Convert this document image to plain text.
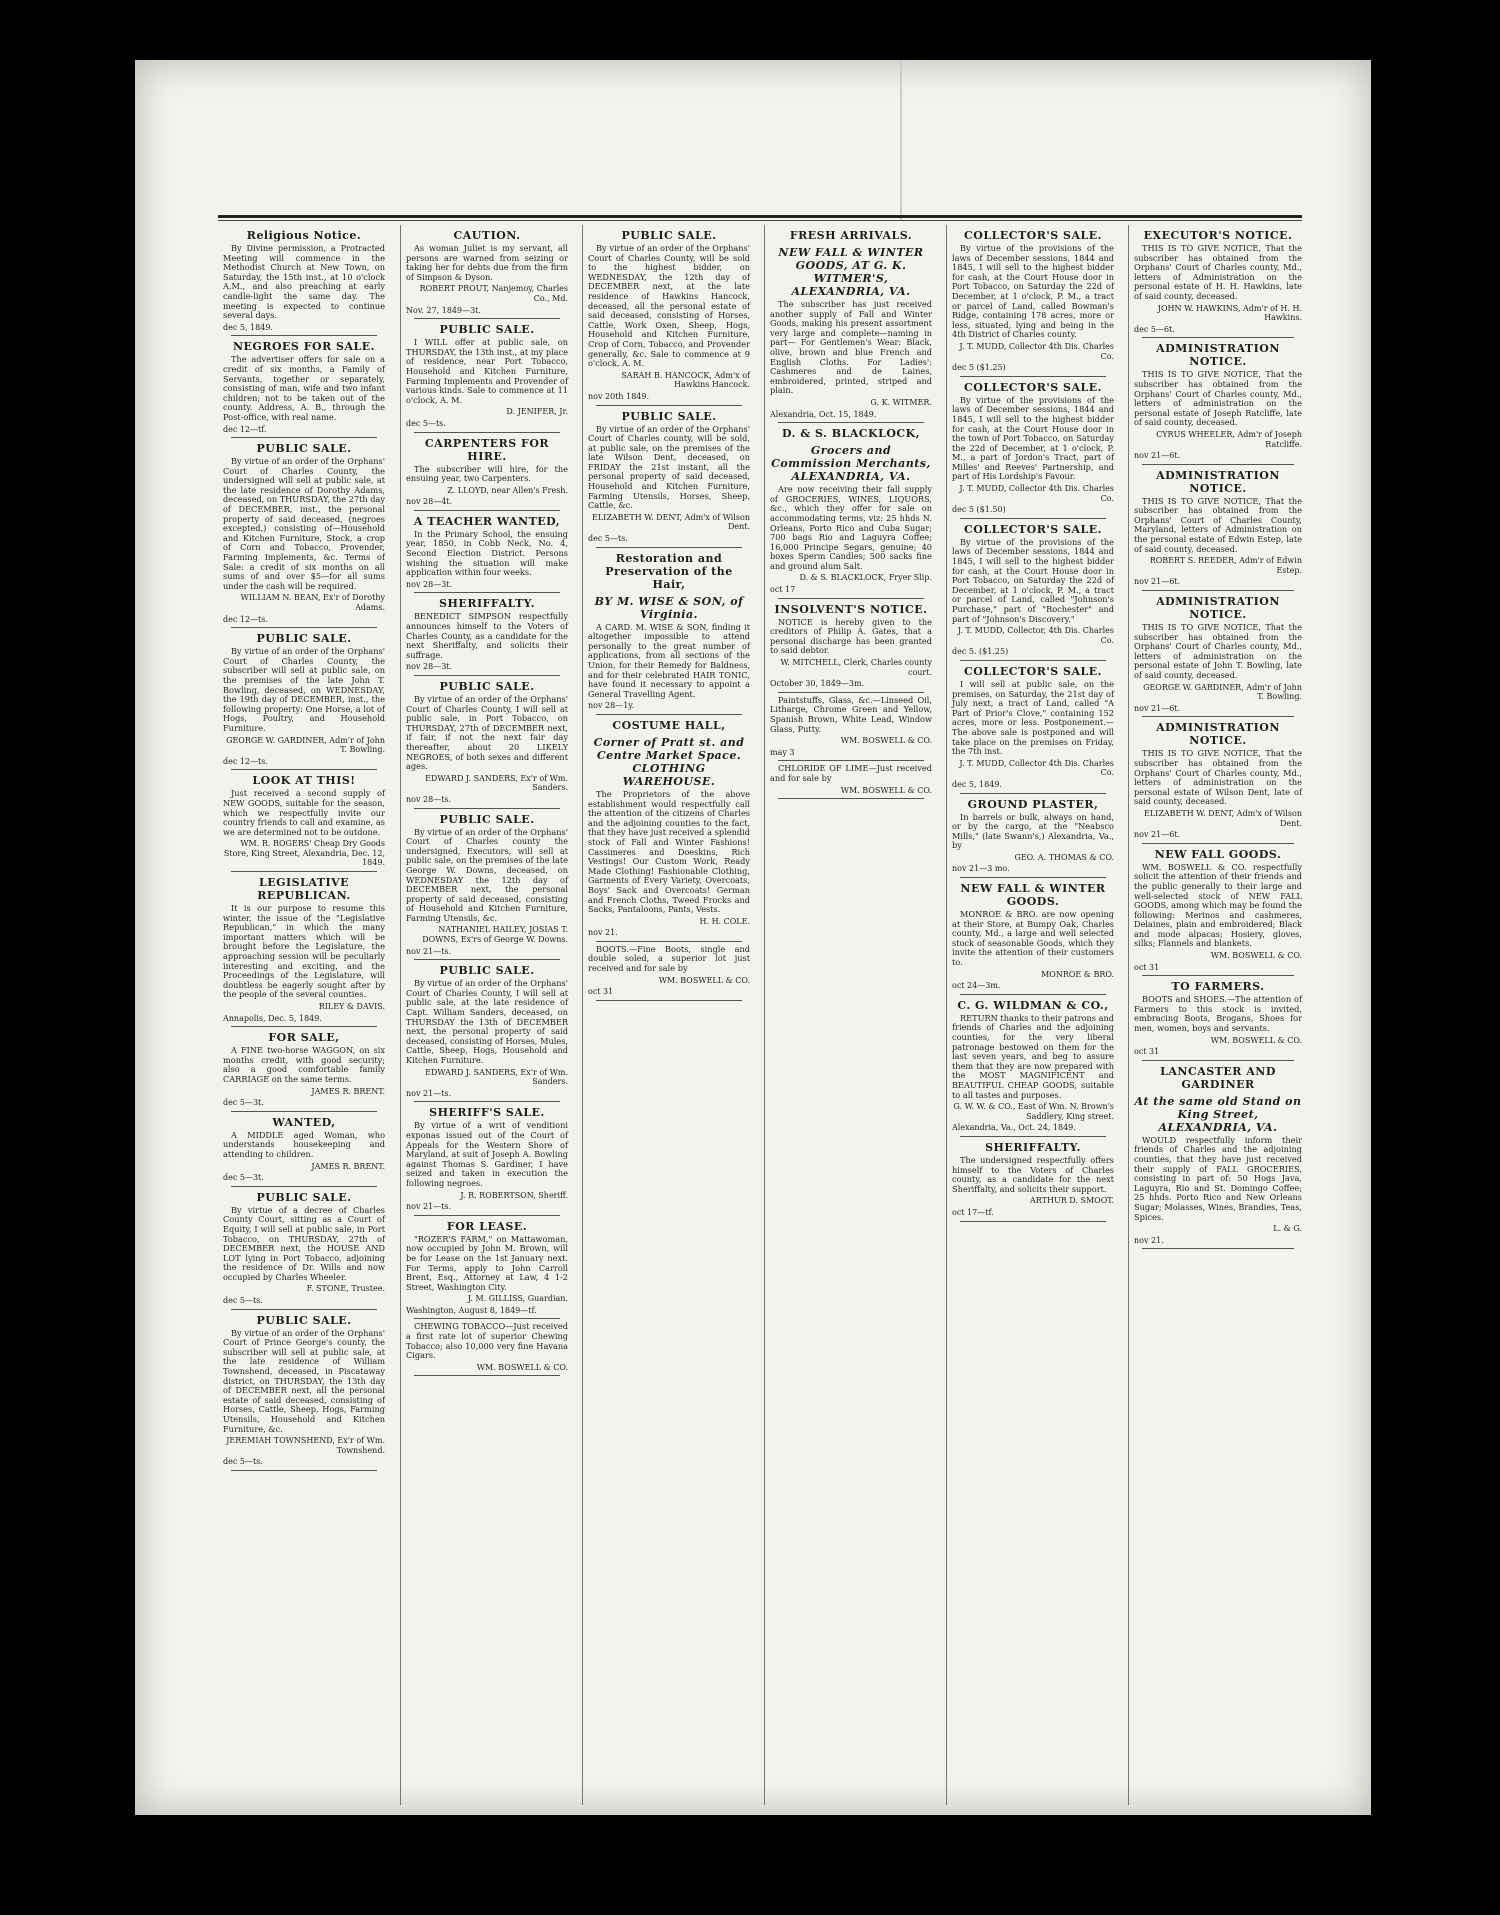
Religious Notice.
By Divine permission, a Protracted Meeting will commence in the Methodist Church at New Town, on Saturday, the 15th inst., at 10 o'clock A.M., and also preaching at early candle-light the same day. The meeting is expected to continue several days.
dec 5, 1849.
NEGROES FOR SALE.
The advertiser offers for sale on a credit of six months, a Family of Servants, together or separately, consisting of man, wife and two infant children; not to be taken out of the county. Address, A. B., through the Post-office, with real name.
dec 12—tf.
PUBLIC SALE.
By virtue of an order of the Orphans' Court of Charles County, the undersigned will sell at public sale, at the late residence of Dorothy Adams, deceased, on THURSDAY, the 27th day of DECEMBER, inst., the personal property of said deceased, (negroes excepted,) consisting of—Household and Kitchen Furniture, Stock, a crop of Corn and Tobacco, Provender, Farming Implements, &c. Terms of Sale: a credit of six months on all sums of and over $5—for all sums under the cash will be required.
WILLIAM N. BEAN, Ex'r of Dorothy Adams.
dec 12—ts.
PUBLIC SALE.
By virtue of an order of the Orphans' Court of Charles County, the subscriber will sell at public sale, on the premises of the late John T. Bowling, deceased, on WEDNESDAY, the 19th day of DECEMBER, inst., the following property: One Horse, a lot of Hogs, Poultry, and Household Furniture.
GEORGE W. GARDINER, Adm'r of John T. Bowling.
dec 12—ts.
LOOK AT THIS!
Just received a second supply of NEW GOODS, suitable for the season, which we respectfully invite our country friends to call and examine, as we are determined not to be outdone.
WM. R. ROGERS' Cheap Dry Goods Store, King Street, Alexandria, Dec. 12, 1849.
LEGISLATIVE REPUBLICAN.
It is our purpose to resume this winter, the issue of the "Legislative Republican," in which the many important matters which will be brought before the Legislature, the approaching session will be peculiarly interesting and exciting, and the Proceedings of the Legislature, will doubtless be eagerly sought after by the people of the several counties.
RILEY & DAVIS.
Annapolis, Dec. 5, 1849.
FOR SALE,
A FINE two-horse WAGGON, on six months credit, with good security; also a good comfortable family CARRIAGE on the same terms.
JAMES R. BRENT.
dec 5—3t.
WANTED,
A MIDDLE aged Woman, who understands housekeeping and attending to children.
JAMES R. BRENT.
dec 5—3t.
PUBLIC SALE.
By virtue of a decree of Charles County Court, sitting as a Court of Equity, I will sell at public sale, in Port Tobacco, on THURSDAY, 27th of DECEMBER next, the HOUSE AND LOT lying in Port Tobacco, adjoining the residence of Dr. Wills and now occupied by Charles Wheeler.
F. STONE, Trustee.
dec 5—ts.
PUBLIC SALE.
By virtue of an order of the Orphans' Court of Prince George's county, the subscriber will sell at public sale, at the late residence of William Townshend, deceased, in Piscataway district, on THURSDAY, the 13th day of DECEMBER next, all the personal estate of said deceased, consisting of Horses, Cattle, Sheep, Hogs, Farming Utensils, Household and Kitchen Furniture, &c.
JEREMIAH TOWNSHEND, Ex'r of Wm. Townshend.
dec 5—ts.
CAUTION.
As woman Juliet is my servant, all persons are warned from seizing or taking her for debts due from the firm of Simpson & Dyson.
ROBERT PROUT, Nanjemoy, Charles Co., Md.
Nov. 27, 1849—3t.
PUBLIC SALE.
I WILL offer at public sale, on THURSDAY, the 13th inst., at my place of residence, near Port Tobacco, Household and Kitchen Furniture, Farming Implements and Provender of various kinds. Sale to commence at 11 o'clock, A. M.
D. JENIFER, Jr.
dec 5—ts.
CARPENTERS FOR HIRE.
The subscriber will hire, for the ensuing year, two Carpenters.
Z. LLOYD, near Allen's Fresh.
nov 28—4t.
A TEACHER WANTED,
In the Primary School, the ensuing year, 1850, in Cobb Neck, No. 4, Second Election District. Persons wishing the situation will make application within four weeks.
nov 28—3t.
SHERIFFALTY.
BENEDICT SIMPSON respectfully announces himself to the Voters of Charles County, as a candidate for the next Sheriffalty, and solicits their suffrage.
nov 28—3t.
PUBLIC SALE.
By virtue of an order of the Orphans' Court of Charles County, I will sell at public sale, in Port Tobacco, on THURSDAY, 27th of DECEMBER next, if fair, if not the next fair day thereafter, about 20 LIKELY NEGROES, of both sexes and different ages.
EDWARD J. SANDERS, Ex'r of Wm. Sanders.
nov 28—ts.
PUBLIC SALE.
By virtue of an order of the Orphans' Court of Charles county the undersigned, Executors, will sell at public sale, on the premises of the late George W. Downs, deceased, on WEDNESDAY the 12th day of DECEMBER next, the personal property of said deceased, consisting of Household and Kitchen Furniture, Farming Utensils, &c.
NATHANIEL HAILEY, JOSIAS T. DOWNS, Ex'rs of George W. Downs.
nov 21—ts.
PUBLIC SALE.
By virtue of an order of the Orphans' Court of Charles County, I will sell at public sale, at the late residence of Capt. William Sanders, deceased, on THURSDAY the 13th of DECEMBER next, the personal property of said deceased, consisting of Horses, Mules, Cattle, Sheep, Hogs, Household and Kitchen Furniture.
EDWARD J. SANDERS, Ex'r of Wm. Sanders.
nov 21—ts.
SHERIFF'S SALE.
By virtue of a writ of venditioni exponas issued out of the Court of Appeals for the Western Shore of Maryland, at suit of Joseph A. Bowling against Thomas S. Gardiner, I have seized and taken in execution the following negroes.
J. R. ROBERTSON, Sheriff.
nov 21—ts.
FOR LEASE.
"ROZER'S FARM," on Mattawoman, now occupied by John M. Brown, will be for Lease on the 1st January next. For Terms, apply to John Carroll Brent, Esq., Attorney at Law, 4 1-2 Street, Washington City.
J. M. GILLISS, Guardian.
Washington, August 8, 1849—tf.
CHEWING TOBACCO—Just received a first rate lot of superior Chewing Tobacco; also 10,000 very fine Havana Cigars.
WM. BOSWELL & CO.
PUBLIC SALE.
By virtue of an order of the Orphans' Court of Charles County, will be sold to the highest bidder, on WEDNESDAY, the 12th day of DECEMBER next, at the late residence of Hawkins Hancock, deceased, all the personal estate of said deceased, consisting of Horses, Cattle, Work Oxen, Sheep, Hogs, Household and Kitchen Furniture, Crop of Corn, Tobacco, and Provender generally, &c. Sale to commence at 9 o'clock, A. M.
SARAH B. HANCOCK, Adm'x of Hawkins Hancock.
nov 20th 1849.
PUBLIC SALE.
By virtue of an order of the Orphans' Court of Charles county, will be sold, at public sale, on the premises of the late Wilson Dent, deceased, on FRIDAY the 21st instant, all the personal property of said deceased, Household and Kitchen Furniture, Farming Utensils, Horses, Sheep, Cattle, &c.
ELIZABETH W. DENT, Adm'x of Wilson Dent.
dec 5—ts.
Restoration and Preservation of the Hair,
BY M. WISE & SON, of Virginia.
A CARD. M. WISE & SON, finding it altogether impossible to attend personally to the great number of applications, from all sections of the Union, for their Remedy for Baldness, and for their celebrated HAIR TONIC, have found it necessary to appoint a General Travelling Agent.
nov 28—1y.
COSTUME HALL,
Corner of Pratt st. and Centre Market Space. CLOTHING WAREHOUSE.
The Proprietors of the above establishment would respectfully call the attention of the citizens of Charles and the adjoining counties to the fact, that they have just received a splendid stock of Fall and Winter Fashions! Cassimeres and Doeskins, Rich Vestings! Our Custom Work, Ready Made Clothing! Fashionable Clothing, Garments of Every Variety, Overcoats, Boys' Sack and Overcoats! German and French Cloths, Tweed Frocks and Sacks, Pantaloons, Pants, Vests.
H. H. COLE.
nov 21.
BOOTS.—Fine Boots, single and double soled, a superior lot just received and for sale by
WM. BOSWELL & CO.
oct 31
FRESH ARRIVALS.
NEW FALL & WINTER GOODS, AT G. K. WITMER'S, ALEXANDRIA, VA.
The subscriber has just received another supply of Fall and Winter Goods, making his present assortment very large and complete—naming in part— For Gentlemen's Wear: Black, olive, brown and blue French and English Cloths. For Ladies': Cashmeres and de Laines, embroidered, printed, striped and plain.
G. K. WITMER.
Alexandria, Oct. 15, 1849.
D. & S. BLACKLOCK,
Grocers and Commission Merchants, ALEXANDRIA, VA.
Are now receiving their fall supply of GROCERIES, WINES, LIQUORS, &c., which they offer for sale on accommodating terms, viz: 25 hhds N. Orleans, Porto Rico and Cuba Sugar; 700 bags Rio and Laguyra Coffee; 16,000 Principe Segars, genuine; 40 boxes Sperm Candles; 500 sacks fine and ground alum Salt.
D. & S. BLACKLOCK, Fryer Slip.
oct 17
INSOLVENT'S NOTICE.
NOTICE is hereby given to the creditors of Philip A. Gates, that a personal discharge has been granted to said debtor.
W. MITCHELL, Clerk, Charles county court.
October 30, 1849—3m.
Paintstuffs, Glass, &c.—Linseed Oil, Litharge, Chrome Green and Yellow, Spanish Brown, White Lead, Window Glass, Putty.
WM. BOSWELL & CO.
may 3
CHLORIDE OF LIME—Just received and for sale by
WM. BOSWELL & CO.
COLLECTOR'S SALE.
By virtue of the provisions of the laws of December sessions, 1844 and 1845, I will sell to the highest bidder for cash, at the Court House door in Port Tobacco, on Saturday the 22d of December, at 1 o'clock, P. M., a tract or parcel of Land, called Bowman's Ridge, containing 178 acres, more or less, situated, lying and being in the 4th District of Charles county.
J. T. MUDD, Collector 4th Dis. Charles Co.
dec 5 ($1.25)
COLLECTOR'S SALE.
By virtue of the provisions of the laws of December sessions, 1844 and 1845, I will sell to the highest bidder for cash, at the Court House door in the town of Port Tobacco, on Saturday the 22d of December, at 1 o'clock, P. M., a part of Jordon's Tract, part of Milles' and Reeves' Partnership, and part of His Lordship's Favour.
J. T. MUDD, Collector 4th Dis. Charles Co.
dec 5 ($1.50)
COLLECTOR'S SALE.
By virtue of the provisions of the laws of December sessions, 1844 and 1845, I will sell to the highest bidder for cash, at the Court House door in Port Tobacco, on Saturday the 22d of December, at 1 o'clock, P. M., a tract or parcel of Land, called "Johnson's Purchase," part of "Rochester" and part of "Johnson's Discovery."
J. T. MUDD, Collector, 4th Dis. Charles Co.
dec 5. ($1.25)
COLLECTOR'S SALE.
I will sell at public sale, on the premises, on Saturday, the 21st day of July next, a tract of Land, called "A Part of Prior's Clove," containing 152 acres, more or less. Postponement.—The above sale is postponed and will take place on the premises on Friday, the 7th inst.
J. T. MUDD, Collector 4th Dis. Charles Co.
dec 5, 1849.
GROUND PLASTER,
In barrels or bulk, always on hand, or by the cargo, at the "Neabsco Mills," (late Swann's,) Alexandria, Va., by
GEO. A. THOMAS & CO.
nov 21—3 mo.
NEW FALL & WINTER GOODS.
MONROE & BRO. are now opening at their Store, at Bumpy Oak, Charles county, Md., a large and well selected stock of seasonable Goods, which they invite the attention of their customers to.
MONROE & BRO.
oct 24—3m.
C. G. WILDMAN & CO.,
RETURN thanks to their patrons and friends of Charles and the adjoining counties, for the very liberal patronage bestowed on them for the last seven years, and beg to assure them that they are now prepared with the MOST MAGNIFICENT and BEAUTIFUL CHEAP GOODS, suitable to all tastes and purposes.
G. W. W. & CO., East of Wm. N. Brown's Saddlery, King street.
Alexandria, Va., Oct. 24, 1849.
SHERIFFALTY.
The undersigned respectfully offers himself to the Voters of Charles county, as a candidate for the next Sheriffalty, and solicits their support.
ARTHUR D. SMOOT.
oct 17—tf.
EXECUTOR'S NOTICE.
THIS IS TO GIVE NOTICE, That the subscriber has obtained from the Orphans' Court of Charles county, Md., letters of Administration on the personal estate of H. H. Hawkins, late of said county, deceased.
JOHN W. HAWKINS, Adm'r of H. H. Hawkins.
dec 5—6t.
ADMINISTRATION NOTICE.
THIS IS TO GIVE NOTICE, That the subscriber has obtained from the Orphans' Court of Charles county, Md., letters of administration on the personal estate of Joseph Ratcliffe, late of said county, deceased.
CYRUS WHEELER, Adm'r of Joseph Ratcliffe.
nov 21—6t.
ADMINISTRATION NOTICE.
THIS IS TO GIVE NOTICE, That the subscriber has obtained from the Orphans' Court of Charles County, Maryland, letters of Administration on the personal estate of Edwin Estep, late of said county, deceased.
ROBERT S. REEDER, Adm'r of Edwin Estep.
nov 21—6t.
ADMINISTRATION NOTICE.
THIS IS TO GIVE NOTICE, That the subscriber has obtained from the Orphans' Court of Charles county, Md., letters of administration on the personal estate of John T. Bowling, late of said county, deceased.
GEORGE W. GARDINER, Adm'r of John T. Bowling.
nov 21—6t.
ADMINISTRATION NOTICE.
THIS IS TO GIVE NOTICE, That the subscriber has obtained from the Orphans' Court of Charles county, Md., letters of administration on the personal estate of Wilson Dent, late of said county, deceased.
ELIZABETH W. DENT, Adm'x of Wilson Dent.
nov 21—6t.
NEW FALL GOODS.
WM. BOSWELL & CO. respectfully solicit the attention of their friends and the public generally to their large and well-selected stock of NEW FALL GOODS, among which may be found the following: Merinos and cashmeres, Delaines, plain and embroidered; Black and mode alpacas; Hosiery, gloves, silks; Flannels and blankets.
WM. BOSWELL & CO.
oct 31
TO FARMERS.
BOOTS and SHOES.—The attention of Farmers to this stock is invited, embracing Boots, Brogans, Shoes for men, women, boys and servants.
WM. BOSWELL & CO.
oct 31
LANCASTER AND GARDINER
At the same old Stand on King Street, ALEXANDRIA, VA.
WOULD respectfully inform their friends of Charles and the adjoining counties, that they have just received their supply of FALL GROCERIES, consisting in part of: 50 Hogs Java, Laguyra, Rio and St. Domingo Coffee; 25 hhds. Porto Rico and New Orleans Sugar; Molasses, Wines, Brandies, Teas, Spices.
L. & G.
nov 21.
